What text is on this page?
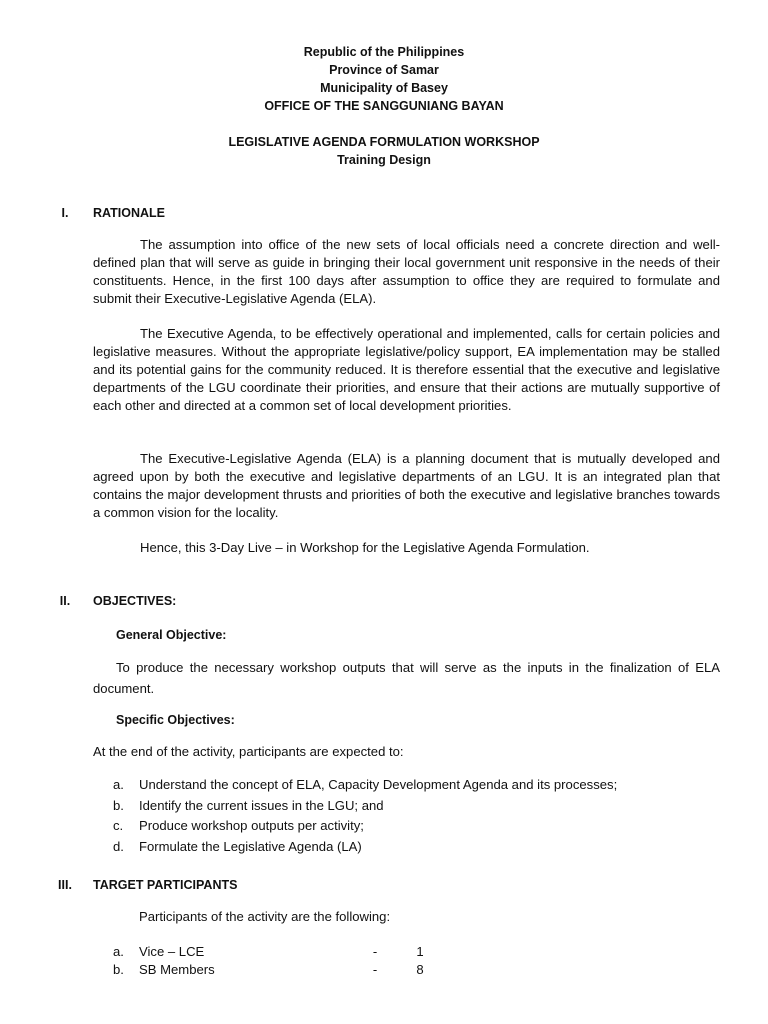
Republic of the Philippines
Province of Samar
Municipality of Basey
OFFICE OF THE SANGGUNIANG BAYAN
LEGISLATIVE AGENDA FORMULATION WORKSHOP
Training Design
I.	RATIONALE
The assumption into office of the new sets of local officials need a concrete direction and well-defined plan that will serve as guide in bringing their local government unit responsive in the needs of their constituents. Hence, in the first 100 days after assumption to office they are required to formulate and submit their Executive-Legislative Agenda (ELA).
The Executive Agenda, to be effectively operational and implemented, calls for certain policies and legislative measures. Without the appropriate legislative/policy support, EA implementation may be stalled and its potential gains for the community reduced. It is therefore essential that the executive and legislative departments of the LGU coordinate their priorities, and ensure that their actions are mutually supportive of each other and directed at a common set of local development priorities.
The Executive-Legislative Agenda (ELA) is a planning document that is mutually developed and agreed upon by both the executive and legislative departments of an LGU. It is an integrated plan that contains the major development thrusts and priorities of both the executive and legislative branches towards a common vision for the locality.
Hence, this 3-Day Live – in Workshop for the Legislative Agenda Formulation.
II.	OBJECTIVES:
General Objective:
To produce the necessary workshop outputs that will serve as the inputs in the finalization of ELA document.
Specific Objectives:
At the end of the activity, participants are expected to:
a.	Understand the concept of ELA, Capacity Development Agenda and its processes;
b.	Identify the current issues in the LGU; and
c.	Produce workshop outputs per activity;
d.	Formulate the Legislative Agenda (LA)
III.	TARGET PARTICIPANTS
Participants of the activity are the following:
a.	Vice – LCE	-	1
b.	SB Members	-	8
